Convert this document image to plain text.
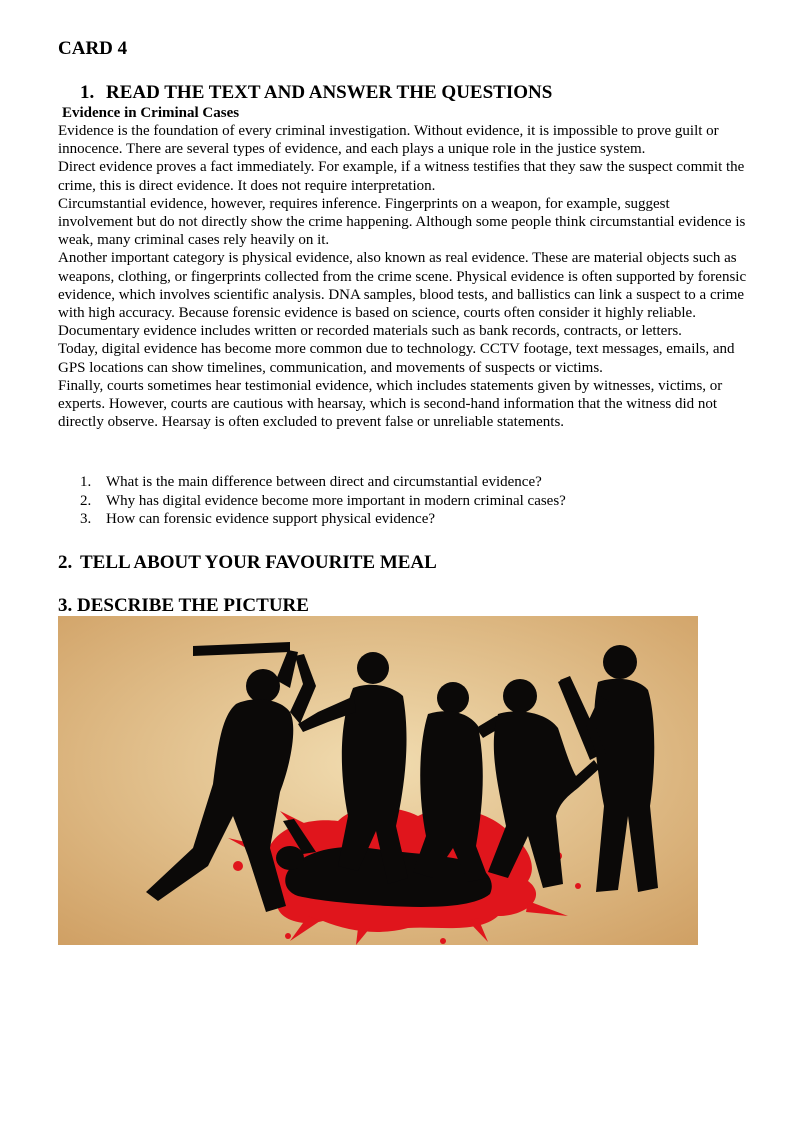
CARD 4
1. READ THE TEXT AND ANSWER THE QUESTIONS
Evidence in Criminal Cases

Evidence is the foundation of every criminal investigation. Without evidence, it is impossible to prove guilt or innocence. There are several types of evidence, and each plays a unique role in the justice system.

Direct evidence proves a fact immediately. For example, if a witness testifies that they saw the suspect commit the crime, this is direct evidence. It does not require interpretation.

Circumstantial evidence, however, requires inference. Fingerprints on a weapon, for example, suggest involvement but do not directly show the crime happening. Although some people think circumstantial evidence is weak, many criminal cases rely heavily on it.

Another important category is physical evidence, also known as real evidence. These are material objects such as weapons, clothing, or fingerprints collected from the crime scene. Physical evidence is often supported by forensic evidence, which involves scientific analysis. DNA samples, blood tests, and ballistics can link a suspect to a crime with high accuracy. Because forensic evidence is based on science, courts often consider it highly reliable.

Documentary evidence includes written or recorded materials such as bank records, contracts, or letters.

Today, digital evidence has become more common due to technology. CCTV footage, text messages, emails, and GPS locations can show timelines, communication, and movements of suspects or victims.

Finally, courts sometimes hear testimonial evidence, which includes statements given by witnesses, victims, or experts. However, courts are cautious with hearsay, which is second-hand information that the witness did not directly observe. Hearsay is often excluded to prevent false or unreliable statements.

1. What is the main difference between direct and circumstantial evidence?
2. Why has digital evidence become more important in modern criminal cases?
3. How can forensic evidence support physical evidence?
2. TELL ABOUT YOUR FAVOURITE MEAL
3. DESCRIBE THE PICTURE
